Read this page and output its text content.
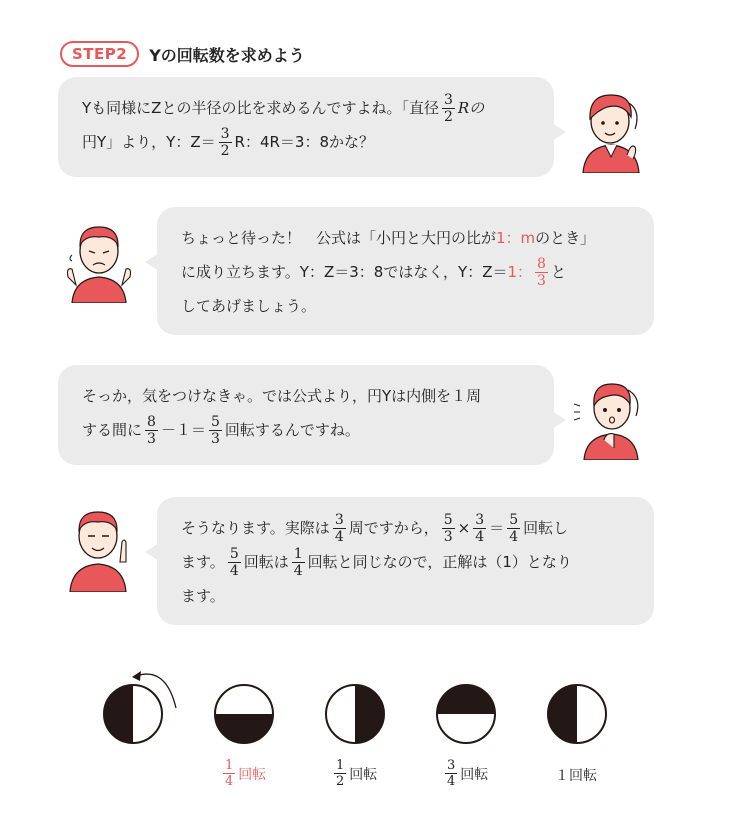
STEP2	Yの回転数を求めよう
Yも同様にZとの半径の比を求めるんですよね。「直径 $\frac{3}{2}$ Rの
円Y」より，Y：$Z= \frac{3}{2}$ R：4R＝3：8かな？
ちょっと待った！　公式は「小円と大円の比が 1：m のとき」
に成り立ちます。Y：Z＝3：8ではなく，Y：Z＝ 1： $\frac{8}{3}$ と
してあげましょう。
そっか，気をつけなきゃ。では公式より，円Yは内側を１周
する間に $\frac{8}{3} -1= \frac{5}{3}$ 回転するんですね。
そうなります。実際は $\frac{3}{4}$ 周ですから， $\frac{5}{3} \times \frac{3}{4} = \frac{5}{4}$ 回転し
ます。 $\frac{5}{4}$ 回転は $\frac{1}{4}$ 回転と同じなので，正解は（1）となり
ます。
$\frac{1}{4}$ 回転	$\frac{1}{2}$ 回転	$\frac{3}{4}$ 回転	１回転
